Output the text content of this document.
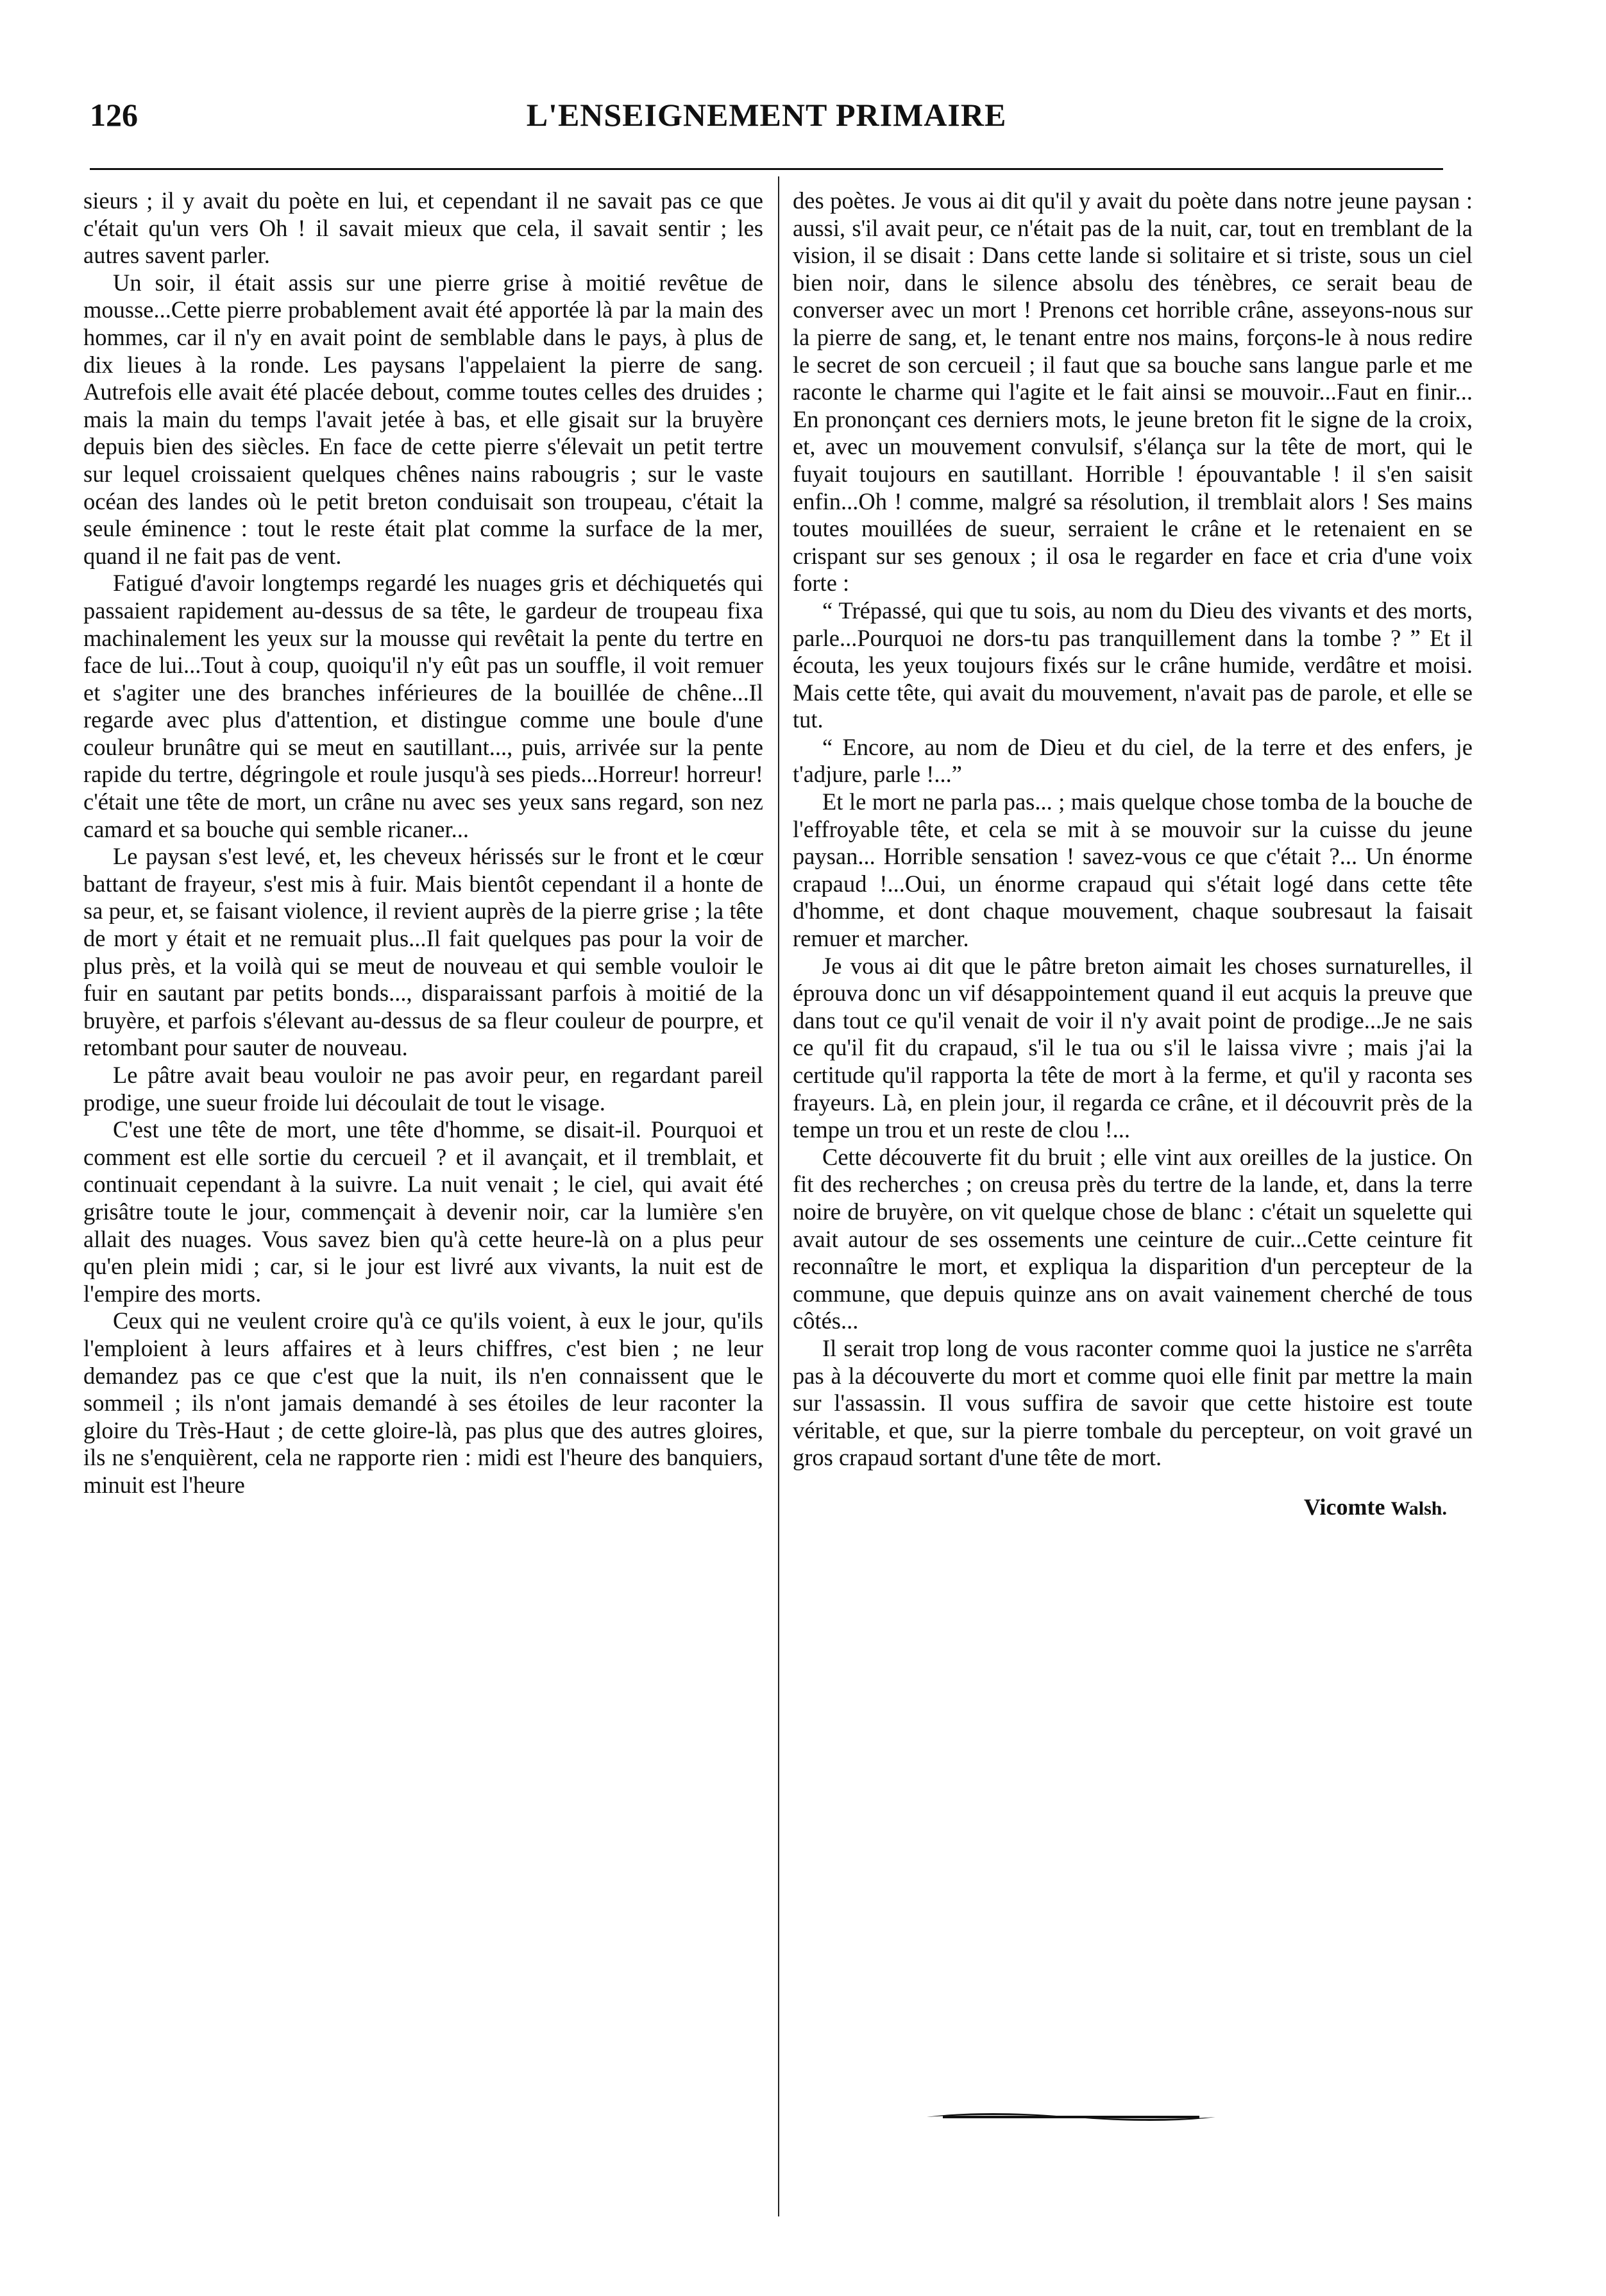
126	L'ENSEIGNEMENT PRIMAIRE

sieurs ; il y avait du poète en lui, et cependant il ne savait pas ce que c'était qu'un vers Oh ! il savait mieux que cela, il savait sentir ; les autres savent parler.

Un soir, il était assis sur une pierre grise à moitié revêtue de mousse...Cette pierre probablement avait été apportée là par la main des hommes, car il n'y en avait point de semblable dans le pays, à plus de dix lieues à la ronde. Les paysans l'appelaient la pierre de sang. Autrefois elle avait été placée debout, comme toutes celles des druides ; mais la main du temps l'avait jetée à bas, et elle gisait sur la bruyère depuis bien des siècles. En face de cette pierre s'élevait un petit tertre sur lequel croissaient quelques chênes nains rabougris ; sur le vaste océan des landes où le petit breton conduisait son troupeau, c'était la seule éminence : tout le reste était plat comme la surface de la mer, quand il ne fait pas de vent.

Fatigué d'avoir longtemps regardé les nuages gris et déchiquetés qui passaient rapidement au-dessus de sa tête, le gardeur de troupeau fixa machinalement les yeux sur la mousse qui revêtait la pente du tertre en face de lui...Tout à coup, quoiqu'il n'y eût pas un souffle, il voit remuer et s'agiter une des branches inférieures de la bouillée de chêne...Il regarde avec plus d'attention, et distingue comme une boule d'une couleur brunâtre qui se meut en sautillant..., puis, arrivée sur la pente rapide du tertre, dégringole et roule jusqu'à ses pieds...Horreur! horreur! c'était une tête de mort, un crâne nu avec ses yeux sans regard, son nez camard et sa bouche qui semble ricaner...

Le paysan s'est levé, et, les cheveux hérissés sur le front et le cœur battant de frayeur, s'est mis à fuir. Mais bientôt cependant il a honte de sa peur, et, se faisant violence, il revient auprès de la pierre grise ; la tête de mort y était et ne remuait plus...Il fait quelques pas pour la voir de plus près, et la voilà qui se meut de nouveau et qui semble vouloir le fuir en sautant par petits bonds..., disparaissant parfois à moitié de la bruyère, et parfois s'élevant au-dessus de sa fleur couleur de pourpre, et retombant pour sauter de nouveau.

Le pâtre avait beau vouloir ne pas avoir peur, en regardant pareil prodige, une sueur froide lui découlait de tout le visage.

C'est une tête de mort, une tête d'homme, se disait-il. Pourquoi et comment est elle sortie du cercueil ? et il avançait, et il tremblait, et continuait cependant à la suivre. La nuit venait ; le ciel, qui avait été grisâtre toute le jour, commençait à devenir noir, car la lumière s'en allait des nuages. Vous savez bien qu'à cette heure-là on a plus peur qu'en plein midi ; car, si le jour est livré aux vivants, la nuit est de l'empire des morts.

Ceux qui ne veulent croire qu'à ce qu'ils voient, à eux le jour, qu'ils l'emploient à leurs affaires et à leurs chiffres, c'est bien ; ne leur demandez pas ce que c'est que la nuit, ils n'en connaissent que le sommeil ; ils n'ont jamais demandé à ses étoiles de leur raconter la gloire du Très-Haut ; de cette gloire-là, pas plus que des autres gloires, ils ne s'enquièrent, cela ne rapporte rien : midi est l'heure des banquiers, minuit est l'heure

des poètes. Je vous ai dit qu'il y avait du poète dans notre jeune paysan : aussi, s'il avait peur, ce n'était pas de la nuit, car, tout en tremblant de la vision, il se disait : Dans cette lande si solitaire et si triste, sous un ciel bien noir, dans le silence absolu des ténèbres, ce serait beau de converser avec un mort ! Prenons cet horrible crâne, asseyons-nous sur la pierre de sang, et, le tenant entre nos mains, forçons-le à nous redire le secret de son cercueil ; il faut que sa bouche sans langue parle et me raconte le charme qui l'agite et le fait ainsi se mouvoir...Faut en finir... En prononçant ces derniers mots, le jeune breton fit le signe de la croix, et, avec un mouvement convulsif, s'élança sur la tête de mort, qui le fuyait toujours en sautillant. Horrible ! épouvantable ! il s'en saisit enfin...Oh ! comme, malgré sa résolution, il tremblait alors ! Ses mains toutes mouillées de sueur, serraient le crâne et le retenaient en se crispant sur ses genoux ; il osa le regarder en face et cria d'une voix forte :

“ Trépassé, qui que tu sois, au nom du Dieu des vivants et des morts, parle...Pourquoi ne dors-tu pas tranquillement dans la tombe ? ” Et il écouta, les yeux toujours fixés sur le crâne humide, verdâtre et moisi. Mais cette tête, qui avait du mouvement, n'avait pas de parole, et elle se tut.

“ Encore, au nom de Dieu et du ciel, de la terre et des enfers, je t'adjure, parle !...”

Et le mort ne parla pas... ; mais quelque chose tomba de la bouche de l'effroyable tête, et cela se mit à se mouvoir sur la cuisse du jeune paysan... Horrible sensation ! savez-vous ce que c'était ?... Un énorme crapaud !...Oui, un énorme crapaud qui s'était logé dans cette tête d'homme, et dont chaque mouvement, chaque soubresaut la faisait remuer et marcher.

Je vous ai dit que le pâtre breton aimait les choses surnaturelles, il éprouva donc un vif désappointement quand il eut acquis la preuve que dans tout ce qu'il venait de voir il n'y avait point de prodige...Je ne sais ce qu'il fit du crapaud, s'il le tua ou s'il le laissa vivre ; mais j'ai la certitude qu'il rapporta la tête de mort à la ferme, et qu'il y raconta ses frayeurs. Là, en plein jour, il regarda ce crâne, et il découvrit près de la tempe un trou et un reste de clou !...

Cette découverte fit du bruit ; elle vint aux oreilles de la justice. On fit des recherches ; on creusa près du tertre de la lande, et, dans la terre noire de bruyère, on vit quelque chose de blanc : c'était un squelette qui avait autour de ses ossements une ceinture de cuir...Cette ceinture fit reconnaître le mort, et expliqua la disparition d'un percepteur de la commune, que depuis quinze ans on avait vainement cherché de tous côtés...

Il serait trop long de vous raconter comme quoi la justice ne s'arrêta pas à la découverte du mort et comme quoi elle finit par mettre la main sur l'assassin. Il vous suffira de savoir que cette histoire est toute véritable, et que, sur la pierre tombale du percepteur, on voit gravé un gros crapaud sortant d'une tête de mort.

Vicomte Walsh.
